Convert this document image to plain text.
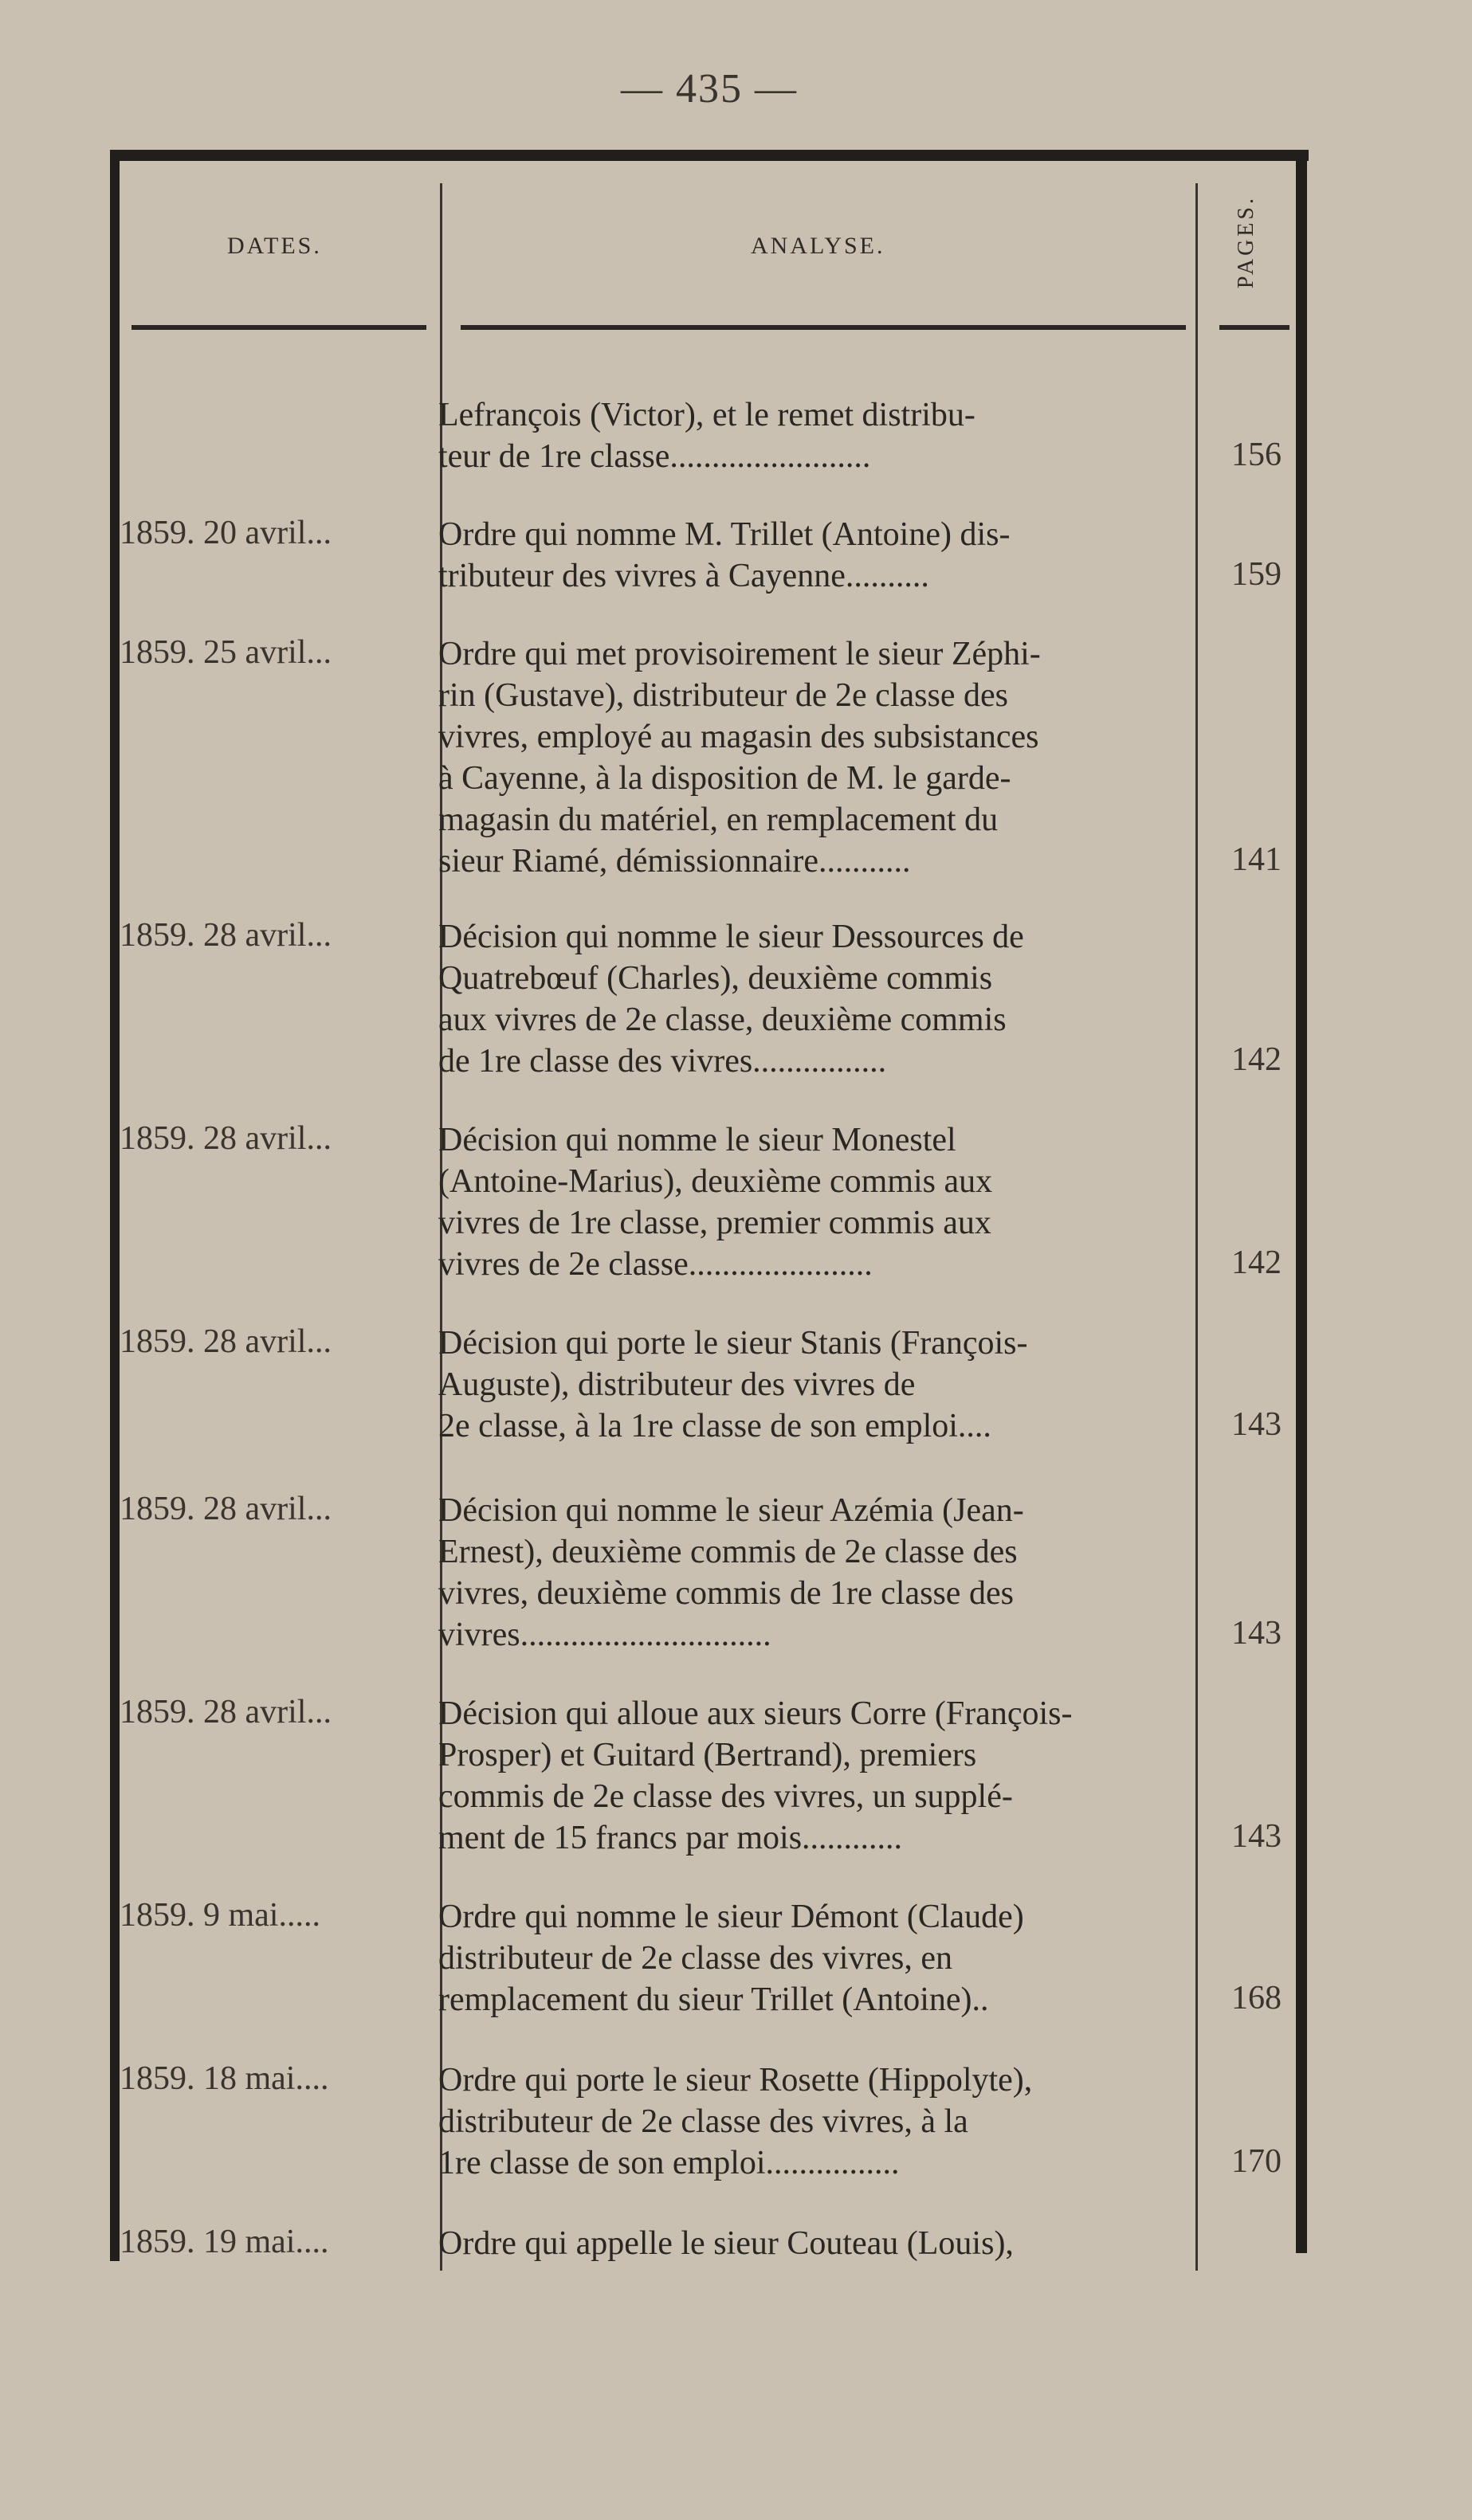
— 435 —
DATES.	ANALYSE.	PAGES.
Lefrançois (Victor), et le remet distribu-
teur de 1re classe........................	156
1859. 20 avril...	Ordre qui nomme M. Trillet (Antoine) dis-
tributeur des vivres à Cayenne..........	159
1859. 25 avril...	Ordre qui met provisoirement le sieur Zéphi-
rin (Gustave), distributeur de 2e classe des
vivres, employé au magasin des subsistances
à Cayenne, à la disposition de M. le garde-
magasin du matériel, en remplacement du
sieur Riamé, démissionnaire...........	141
1859. 28 avril...	Décision qui nomme le sieur Dessources de
Quatrebœuf (Charles), deuxième commis
aux vivres de 2e classe, deuxième commis
de 1re classe des vivres................	142
1859. 28 avril...	Décision qui nomme le sieur Monestel
(Antoine-Marius), deuxième commis aux
vivres de 1re classe, premier commis aux
vivres de 2e classe......................	142
1859. 28 avril...	Décision qui porte le sieur Stanis (François-
Auguste), distributeur des vivres de
2e classe, à la 1re classe de son emploi....	143
1859. 28 avril...	Décision qui nomme le sieur Azémia (Jean-
Ernest), deuxième commis de 2e classe des
vivres, deuxième commis de 1re classe des
vivres..............................	143
1859. 28 avril...	Décision qui alloue aux sieurs Corre (François-
Prosper) et Guitard (Bertrand), premiers
commis de 2e classe des vivres, un supplé-
ment de 15 francs par mois............	143
1859. 9 mai.....	Ordre qui nomme le sieur Démont (Claude)
distributeur de 2e classe des vivres, en
remplacement du sieur Trillet (Antoine)..	168
1859. 18 mai....	Ordre qui porte le sieur Rosette (Hippolyte),
distributeur de 2e classe des vivres, à la
1re classe de son emploi................	170
1859. 19 mai....	Ordre qui appelle le sieur Couteau (Louis),
